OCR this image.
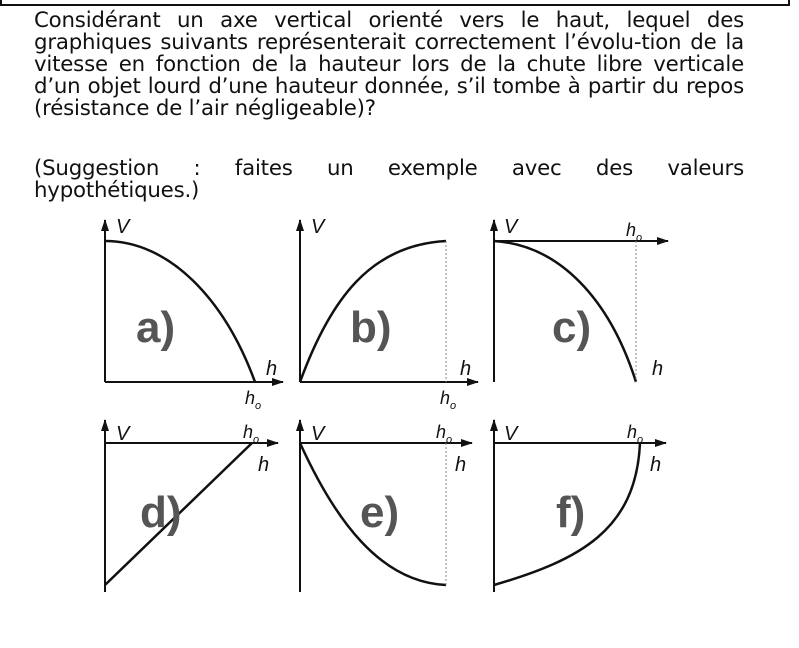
Considérant un axe vertical orienté vers le haut, lequel des graphiques suivants représenterait correctement l’évolu-tion de la vitesse en fonction de la hauteur lors de la chute libre verticale d’un objet lourd d’une hauteur donnée, s’il tombe à partir du repos (résistance de l’air négligeable)?
(Suggestion : faites un exemple avec des valeurs
hypothétiques.)
V
h
$h_o$
a)
V
h
$h_o$
b)
V
h
$h_o$
c)
V
h
$h_o$
d)
V
h
$h_o$
e)
V
h
$h_o$
f)
